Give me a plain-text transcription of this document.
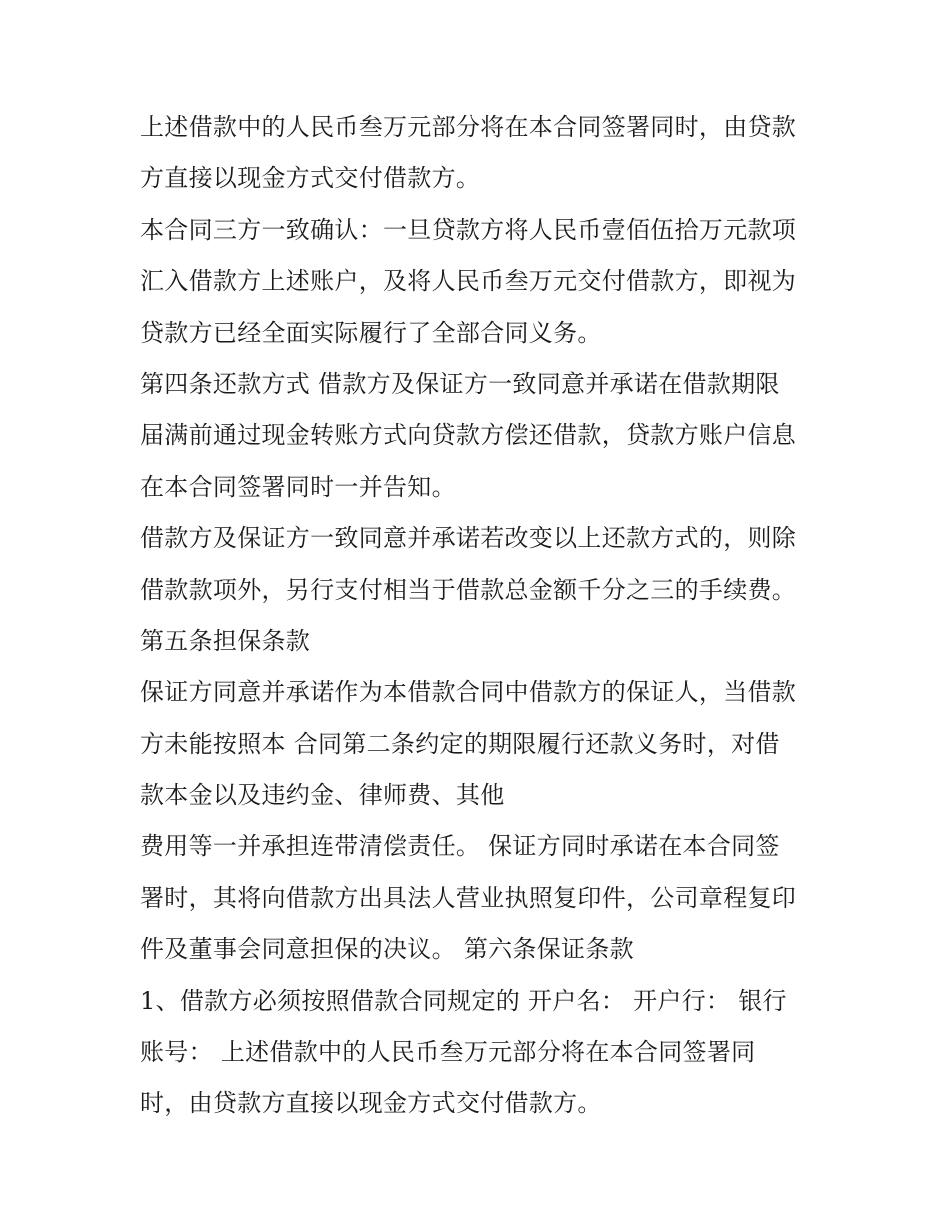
上述借款中的人民币叁万元部分将在本合同签署同时，由贷款
方直接以现金方式交付借款方。
本合同三方一致确认：一旦贷款方将人民币壹佰伍拾万元款项
汇入借款方上述账户，及将人民币叁万元交付借款方，即视为
贷款方已经全面实际履行了全部合同义务。
第四条还款方式 借款方及保证方一致同意并承诺在借款期限
届满前通过现金转账方式向贷款方偿还借款，贷款方账户信息
在本合同签署同时一并告知。
借款方及保证方一致同意并承诺若改变以上还款方式的，则除
借款款项外，另行支付相当于借款总金额千分之三的手续费。
第五条担保条款
保证方同意并承诺作为本借款合同中借款方的保证人，当借款
方未能按照本 合同第二条约定的期限履行还款义务时，对借
款本金以及违约金、律师费、其他
费用等一并承担连带清偿责任。 保证方同时承诺在本合同签
署时，其将向借款方出具法人营业执照复印件，公司章程复印
件及董事会同意担保的决议。 第六条保证条款
1、借款方必须按照借款合同规定的 开户名： 开户行： 银行
账号： 上述借款中的人民币叁万元部分将在本合同签署同
时，由贷款方直接以现金方式交付借款方。
